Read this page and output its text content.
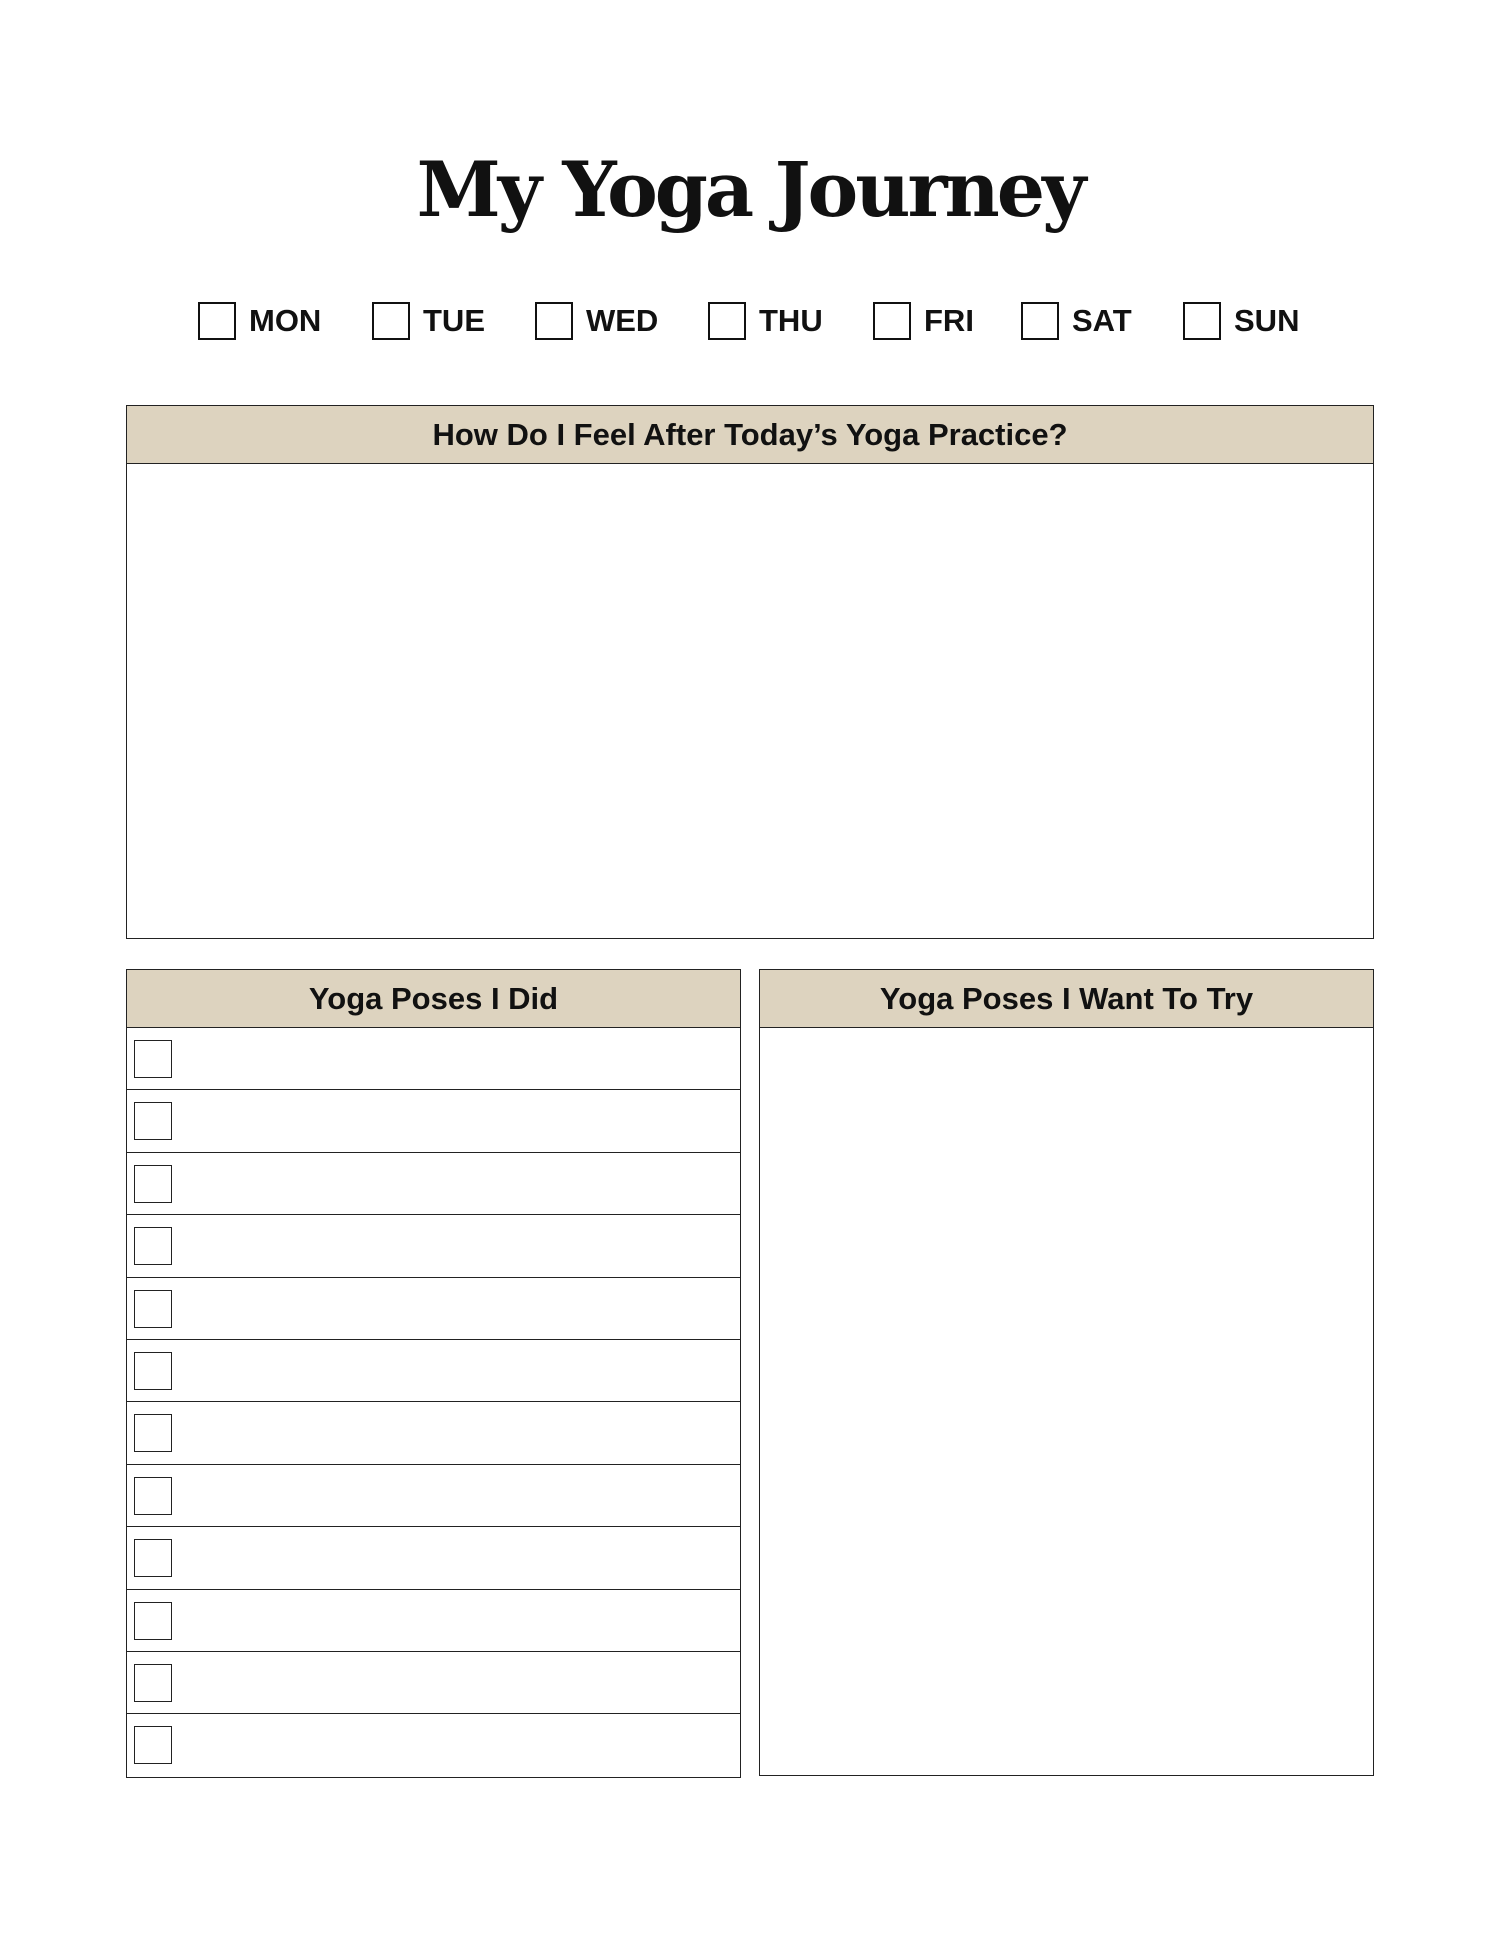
My Yoga Journey
MON	TUE	WED	THU	FRI	SAT	SUN
How Do I Feel After Today’s Yoga Practice?
Yoga Poses I Did	Yoga Poses I Want To Try
